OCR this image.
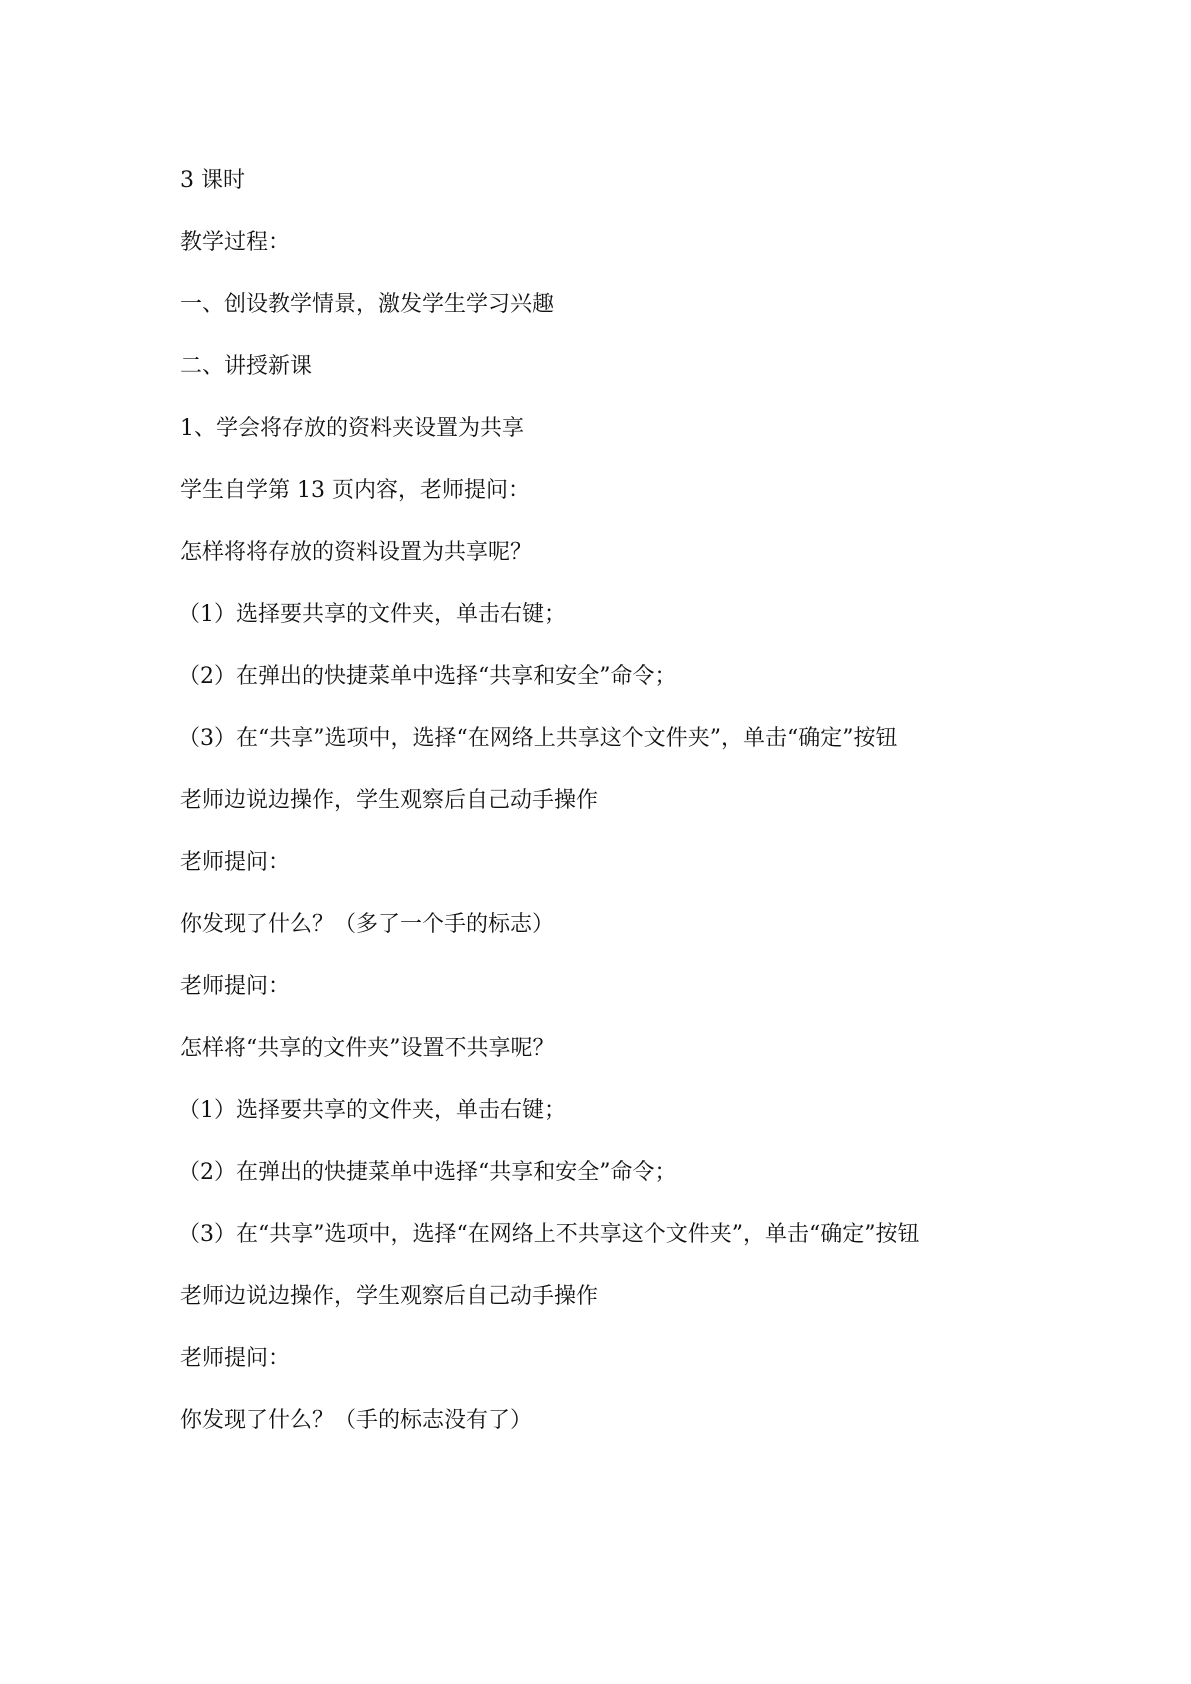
3 课时

教学过程：

一、创设教学情景，激发学生学习兴趣

二、讲授新课

1、学会将存放的资料夹设置为共享

学生自学第 13 页内容，老师提问：

怎样将将存放的资料设置为共享呢？

（1）选择要共享的文件夹，单击右键；

（2）在弹出的快捷菜单中选择“共享和安全”命令；

（3）在“共享”选项中，选择“在网络上共享这个文件夹”，单击“确定”按钮

老师边说边操作，学生观察后自己动手操作

老师提问：

你发现了什么？（多了一个手的标志）

老师提问：

怎样将“共享的文件夹”设置不共享呢？

（1）选择要共享的文件夹，单击右键；

（2）在弹出的快捷菜单中选择“共享和安全”命令；

（3）在“共享”选项中，选择“在网络上不共享这个文件夹”，单击“确定”按钮

老师边说边操作，学生观察后自己动手操作

老师提问：

你发现了什么？（手的标志没有了）
